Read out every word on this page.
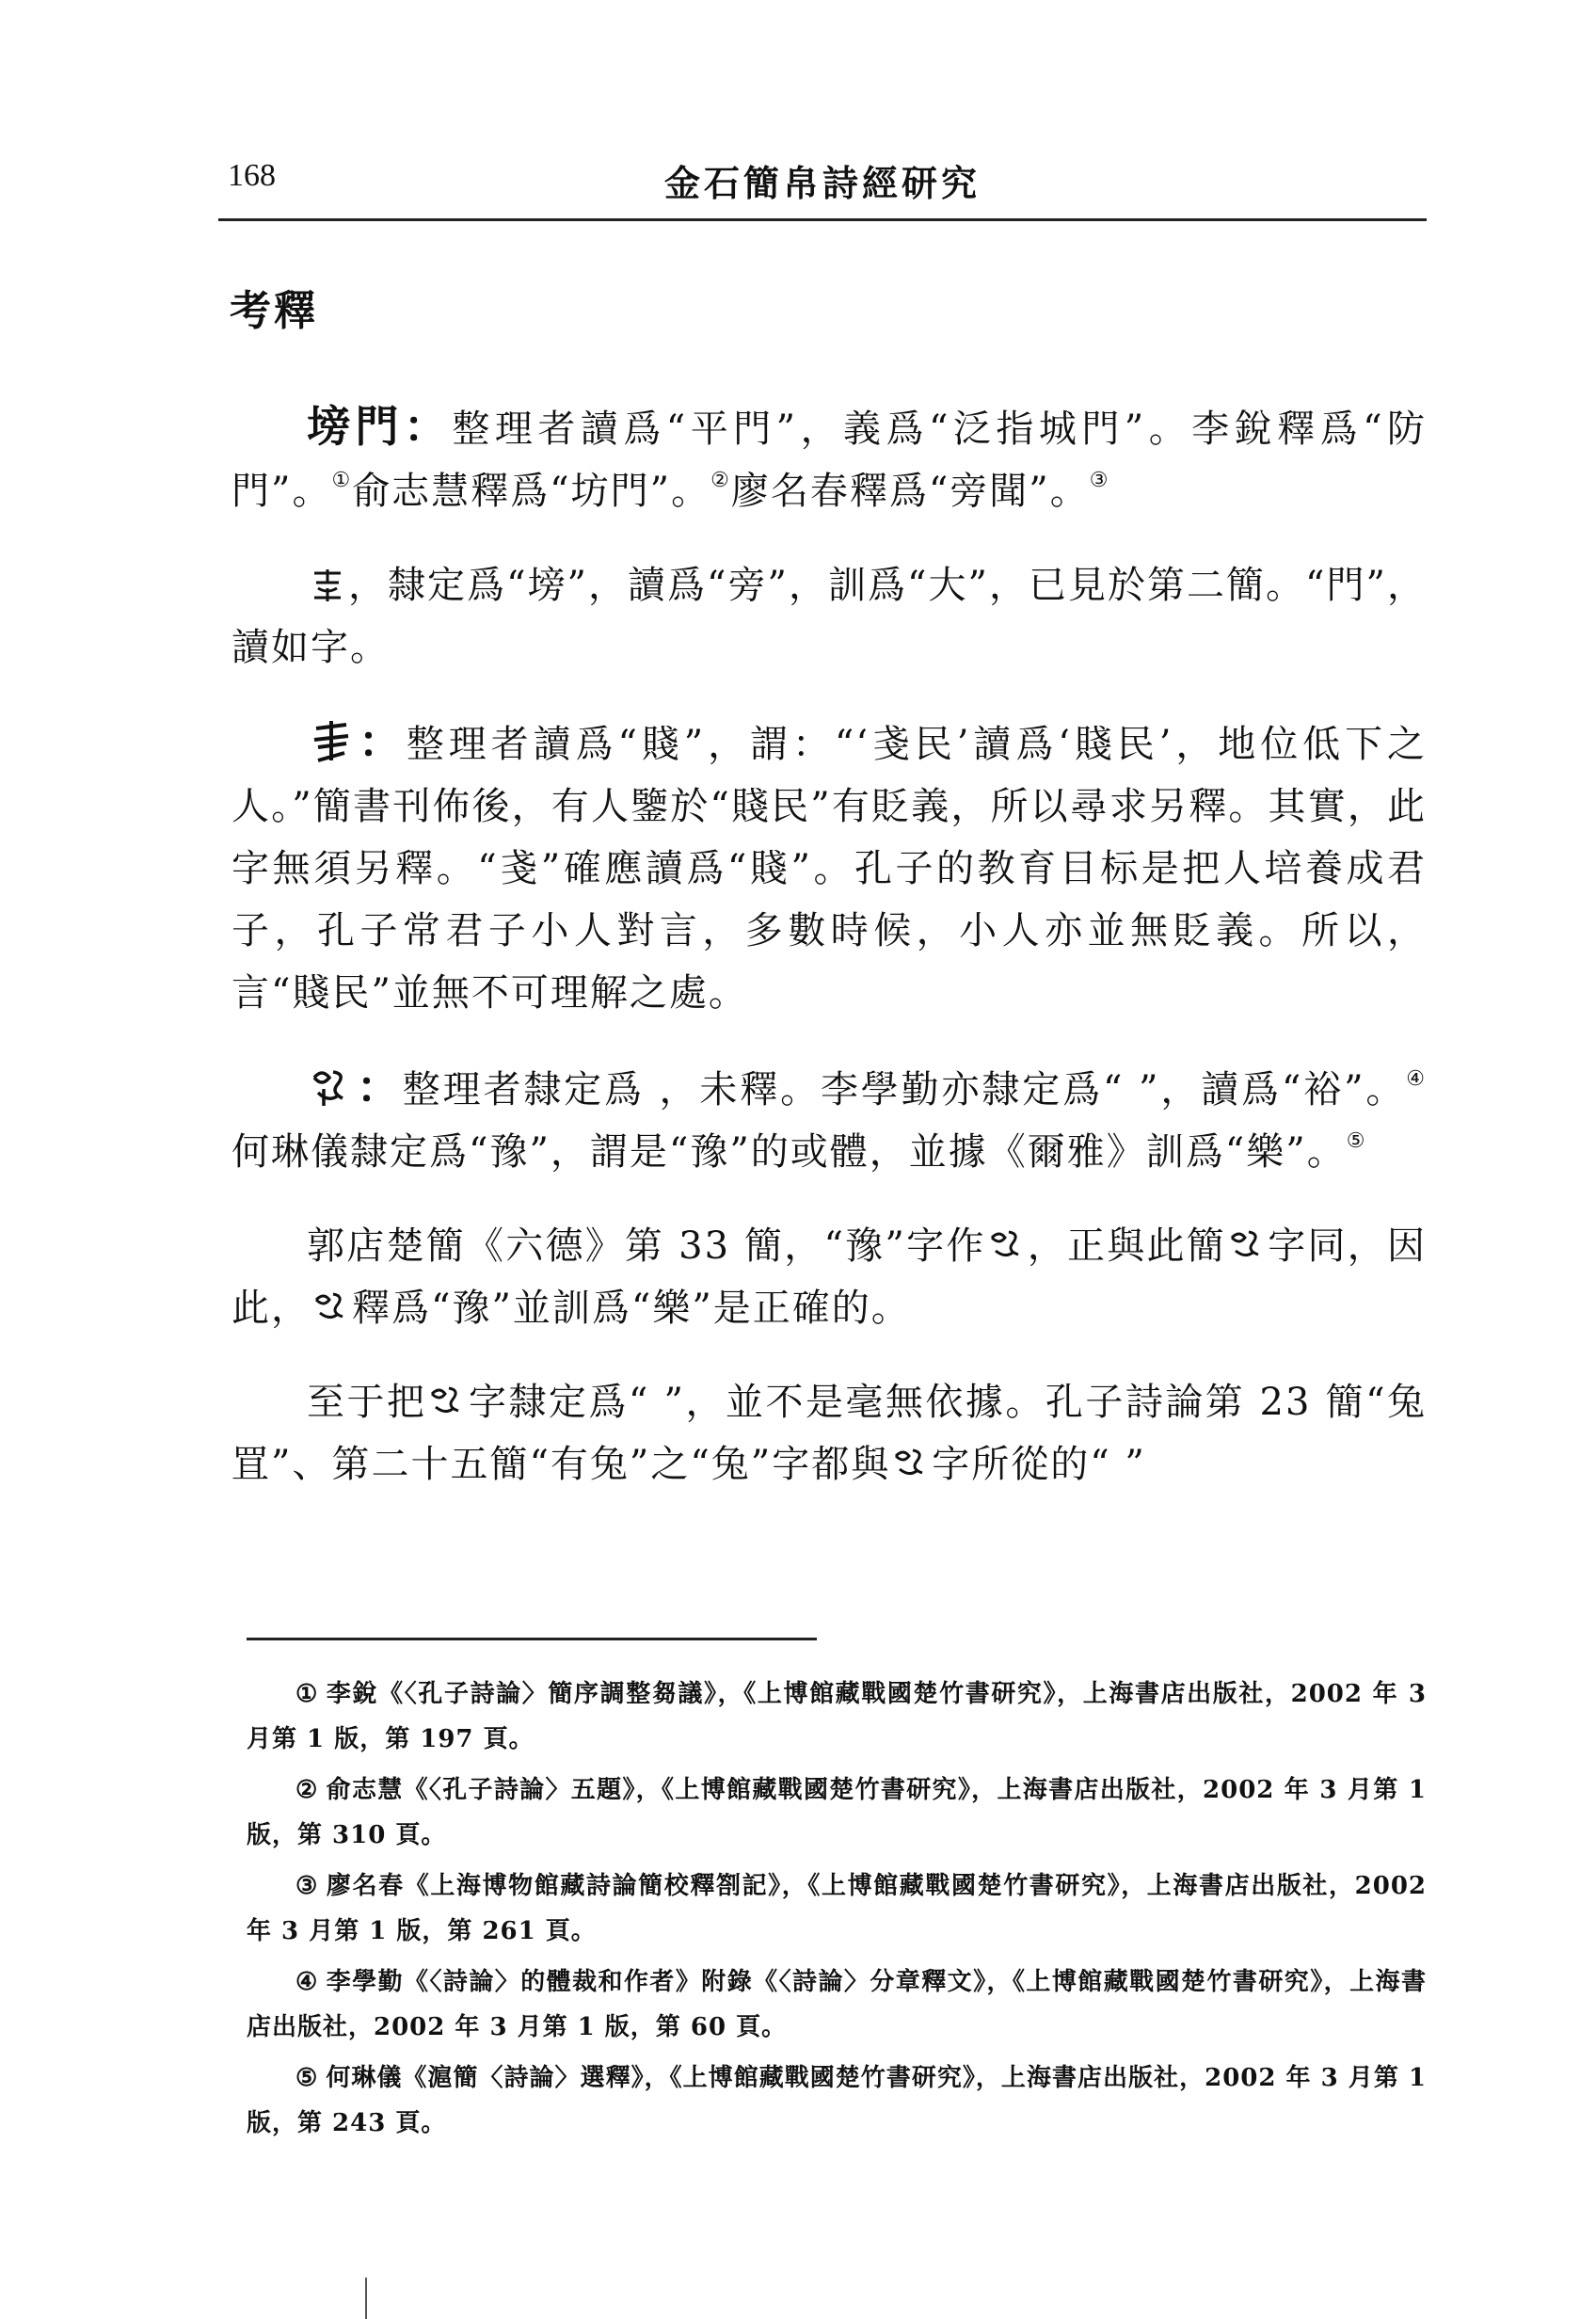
168	金石簡帛詩經研究
考釋

塝門：整理者讀爲“平門”，義爲“泛指城門”。李銳釋爲“防門”。①俞志慧釋爲“坊門”。②廖名春釋爲“旁聞”。③

，隸定爲“塝”，讀爲“旁”，訓爲“大”，已見於第二簡。“門”，讀如字。

：整理者讀爲“賤”，謂：“‘戔民’讀爲‘賤民’，地位低下之人。”簡書刊佈後，有人鑒於“賤民”有貶義，所以尋求另釋。其實，此字無須另釋。“戔”確應讀爲“賤”。孔子的教育目标是把人培養成君子，孔子常君子小人對言，多數時候，小人亦並無貶義。所以，言“賤民”並無不可理解之處。

：整理者隸定爲 ，未釋。李學勤亦隸定爲“ ”，讀爲“裕”。④何琳儀隸定爲“豫”，謂是“豫”的或體，並據《爾雅》訓爲“樂”。⑤

郭店楚簡《六德》第 33 簡，“豫”字作 ，正與此簡 字同，因此， 釋爲“豫”並訓爲“樂”是正確的。

至于把 字隸定爲“ ”，並不是毫無依據。孔子詩論第 23 簡“兔罝”、第二十五簡“有兔”之“兔”字都與 字所從的“ ”

① 李銳《〈孔子詩論〉簡序調整芻議》，《上博館藏戰國楚竹書研究》，上海書店出版社，2002 年 3 月第 1 版，第 197 頁。

② 俞志慧《〈孔子詩論〉五題》，《上博館藏戰國楚竹書研究》，上海書店出版社，2002 年 3 月第 1 版，第 310 頁。

③ 廖名春《上海博物館藏詩論簡校釋劄記》，《上博館藏戰國楚竹書研究》，上海書店出版社，2002 年 3 月第 1 版，第 261 頁。

④ 李學勤《〈詩論〉的體裁和作者》附錄《〈詩論〉分章釋文》，《上博館藏戰國楚竹書研究》，上海書店出版社，2002 年 3 月第 1 版，第 60 頁。

⑤ 何琳儀《滬簡〈詩論〉選釋》，《上博館藏戰國楚竹書研究》，上海書店出版社，2002 年 3 月第 1 版，第 243 頁。
